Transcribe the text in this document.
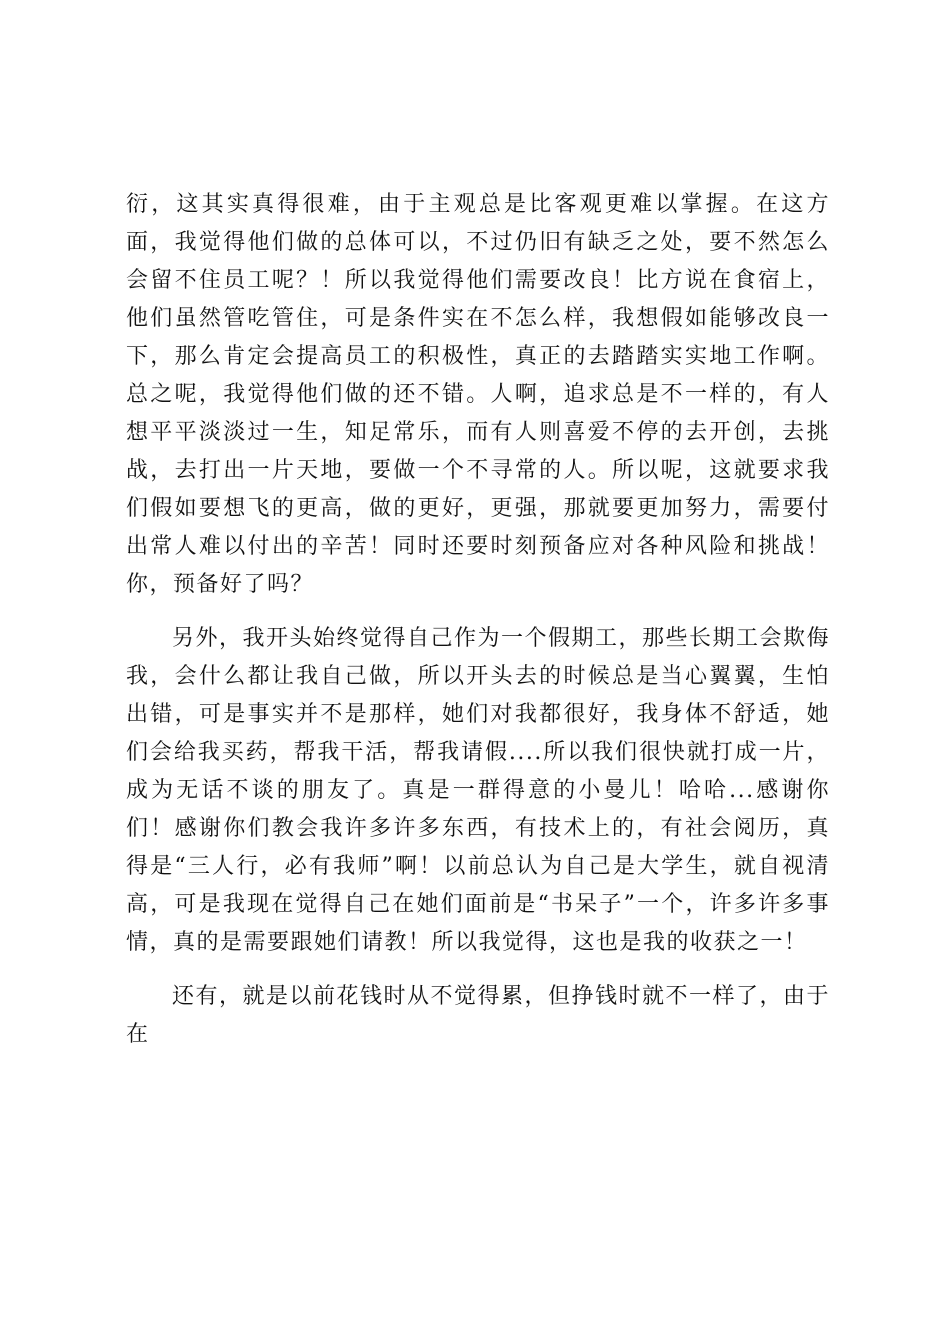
衍，这其实真得很难，由于主观总是比客观更难以掌握。在这方面，我觉得他们做的总体可以，不过仍旧有缺乏之处，要不然怎么会留不住员工呢？！所以我觉得他们需要改良！比方说在食宿上，他们虽然管吃管住，可是条件实在不怎么样，我想假如能够改良一下，那么肯定会提高员工的积极性，真正的去踏踏实实地工作啊。总之呢，我觉得他们做的还不错。人啊，追求总是不一样的，有人想平平淡淡过一生，知足常乐，而有人则喜爱不停的去开创，去挑战，去打出一片天地，要做一个不寻常的人。所以呢，这就要求我们假如要想飞的更高，做的更好，更强，那就要更加努力，需要付出常人难以付出的辛苦！同时还要时刻预备应对各种风险和挑战！你，预备好了吗？

另外，我开头始终觉得自己作为一个假期工，那些长期工会欺侮我，会什么都让我自己做，所以开头去的时候总是当心翼翼，生怕出错，可是事实并不是那样，她们对我都很好，我身体不舒适，她们会给我买药，帮我干活，帮我请假....所以我们很快就打成一片，成为无话不谈的朋友了。真是一群得意的小曼儿！哈哈...感谢你们！感谢你们教会我许多许多东西，有技术上的，有社会阅历，真得是“三人行，必有我师”啊！以前总认为自己是大学生，就自视清高，可是我现在觉得自己在她们面前是“书呆子”一个，许多许多事情，真的是需要跟她们请教！所以我觉得，这也是我的收获之一！

还有，就是以前花钱时从不觉得累，但挣钱时就不一样了，由于在
